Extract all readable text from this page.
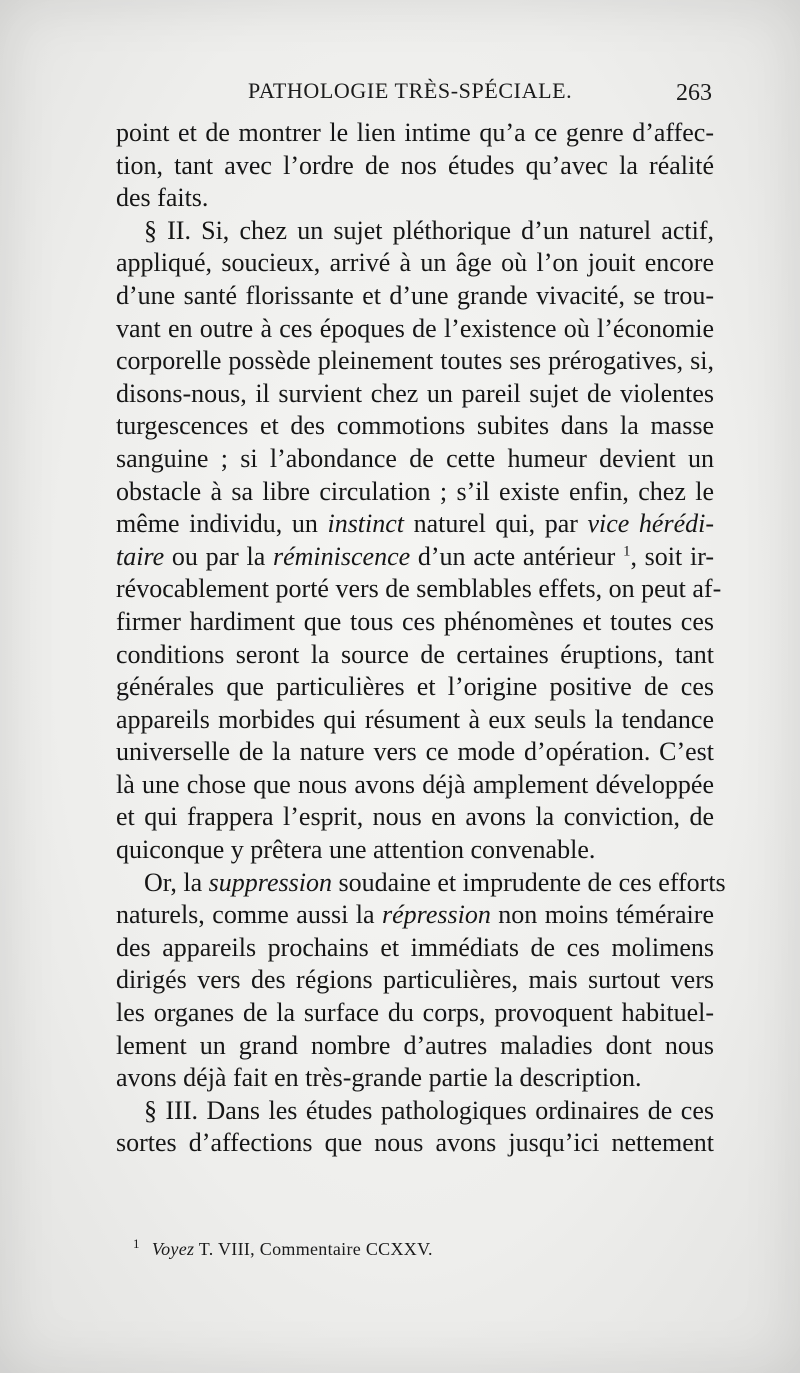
PATHOLOGIE TRÈS-SPÉCIALE.	263
point et de montrer le lien intime qu’a ce genre d’affec-
tion, tant avec l’ordre de nos études qu’avec la réalité
des faits.
§ II. Si, chez un sujet pléthorique d’un naturel actif,
appliqué, soucieux, arrivé à un âge où l’on jouit encore
d’une santé florissante et d’une grande vivacité, se trou-
vant en outre à ces époques de l’existence où l’économie
corporelle possède pleinement toutes ses prérogatives, si,
disons-nous, il survient chez un pareil sujet de violentes
turgescences et des commotions subites dans la masse
sanguine ; si l’abondance de cette humeur devient un
obstacle à sa libre circulation ; s’il existe enfin, chez le
même individu, un instinct naturel qui, par vice hérédi-
taire ou par la réminiscence d’un acte antérieur $^1$, soit ir-
révocablement porté vers de semblables effets, on peut af-
firmer hardiment que tous ces phénomènes et toutes ces
conditions seront la source de certaines éruptions, tant
générales que particulières et l’origine positive de ces
appareils morbides qui résument à eux seuls la tendance
universelle de la nature vers ce mode d’opération. C’est
là une chose que nous avons déjà amplement développée
et qui frappera l’esprit, nous en avons la conviction, de
quiconque y prêtera une attention convenable.
Or, la suppression soudaine et imprudente de ces efforts
naturels, comme aussi la répression non moins téméraire
des appareils prochains et immédiats de ces molimens
dirigés vers des régions particulières, mais surtout vers
les organes de la surface du corps, provoquent habituel-
lement un grand nombre d’autres maladies dont nous
avons déjà fait en très-grande partie la description.
§ III. Dans les études pathologiques ordinaires de ces
sortes d’affections que nous avons jusqu’ici nettement
$^1$ Voyez T. VIII, Commentaire CCXXV.
